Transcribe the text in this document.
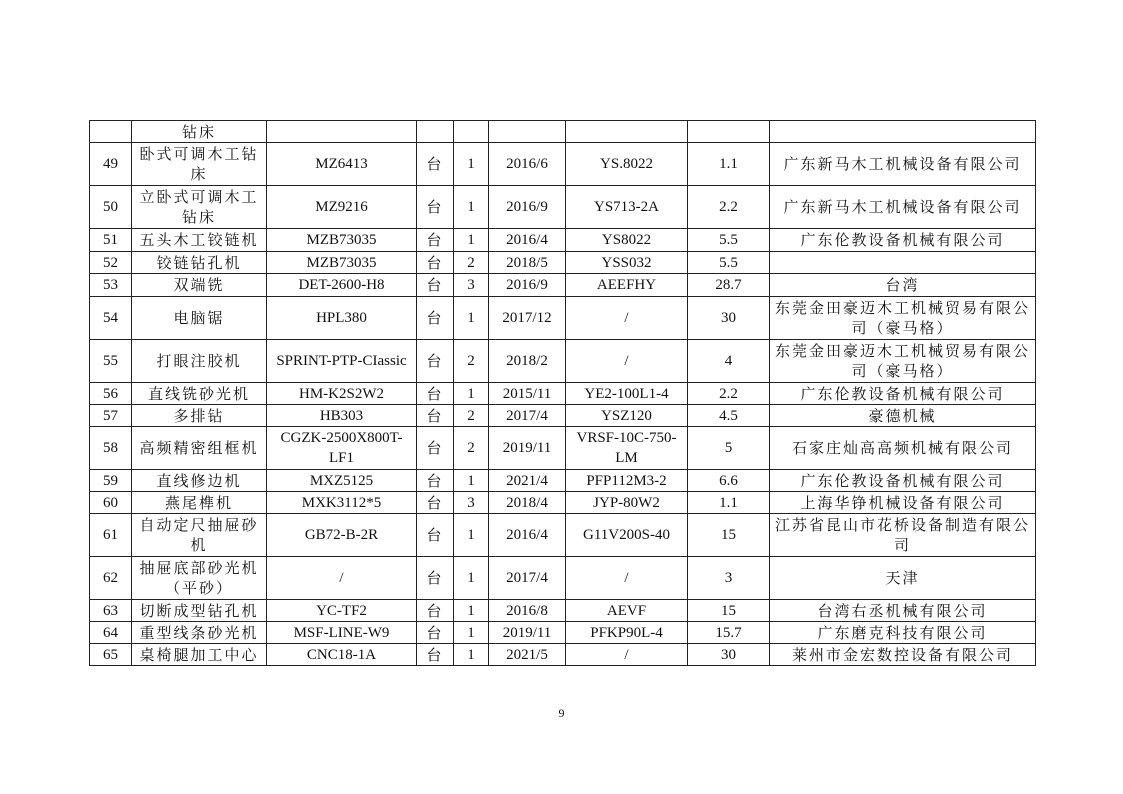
	钻床							
49	卧式可调木工钻床	MZ6413	台	1	2016/6	YS.8022	1.1	广东新马木工机械设备有限公司
50	立卧式可调木工钻床	MZ9216	台	1	2016/9	YS713-2A	2.2	广东新马木工机械设备有限公司
51	五头木工铰链机	MZB73035	台	1	2016/4	YS8022	5.5	广东伦教设备机械有限公司
52	铰链钻孔机	MZB73035	台	2	2018/5	YSS032	5.5	
53	双端铣	DET-2600-H8	台	3	2016/9	AEEFHY	28.7	台湾
54	电脑锯	HPL380	台	1	2017/12	/	30	东莞金田豪迈木工机械贸易有限公司（豪马格）
55	打眼注胶机	SPRINT-PTP-CIassic	台	2	2018/2	/	4	东莞金田豪迈木工机械贸易有限公司（豪马格）
56	直线铣砂光机	HM-K2S2W2	台	1	2015/11	YE2-100L1-4	2.2	广东伦教设备机械有限公司
57	多排钻	HB303	台	2	2017/4	YSZ120	4.5	豪德机械
58	高频精密组框机	CGZK-2500X800T-LF1	台	2	2019/11	VRSF-10C-750-LM	5	石家庄灿高高频机械有限公司
59	直线修边机	MXZ5125	台	1	2021/4	PFP112M3-2	6.6	广东伦教设备机械有限公司
60	燕尾榫机	MXK3112*5	台	3	2018/4	JYP-80W2	1.1	上海华铮机械设备有限公司
61	自动定尺抽屉砂机	GB72-B-2R	台	1	2016/4	G11V200S-40	15	江苏省昆山市花桥设备制造有限公司
62	抽屉底部砂光机（平砂）	/	台	1	2017/4	/	3	天津
63	切断成型钻孔机	YC-TF2	台	1	2016/8	AEVF	15	台湾右丞机械有限公司
64	重型线条砂光机	MSF-LINE-W9	台	1	2019/11	PFKP90L-4	15.7	广东磨克科技有限公司
65	桌椅腿加工中心	CNC18-1A	台	1	2021/5	/	30	莱州市金宏数控设备有限公司
9
